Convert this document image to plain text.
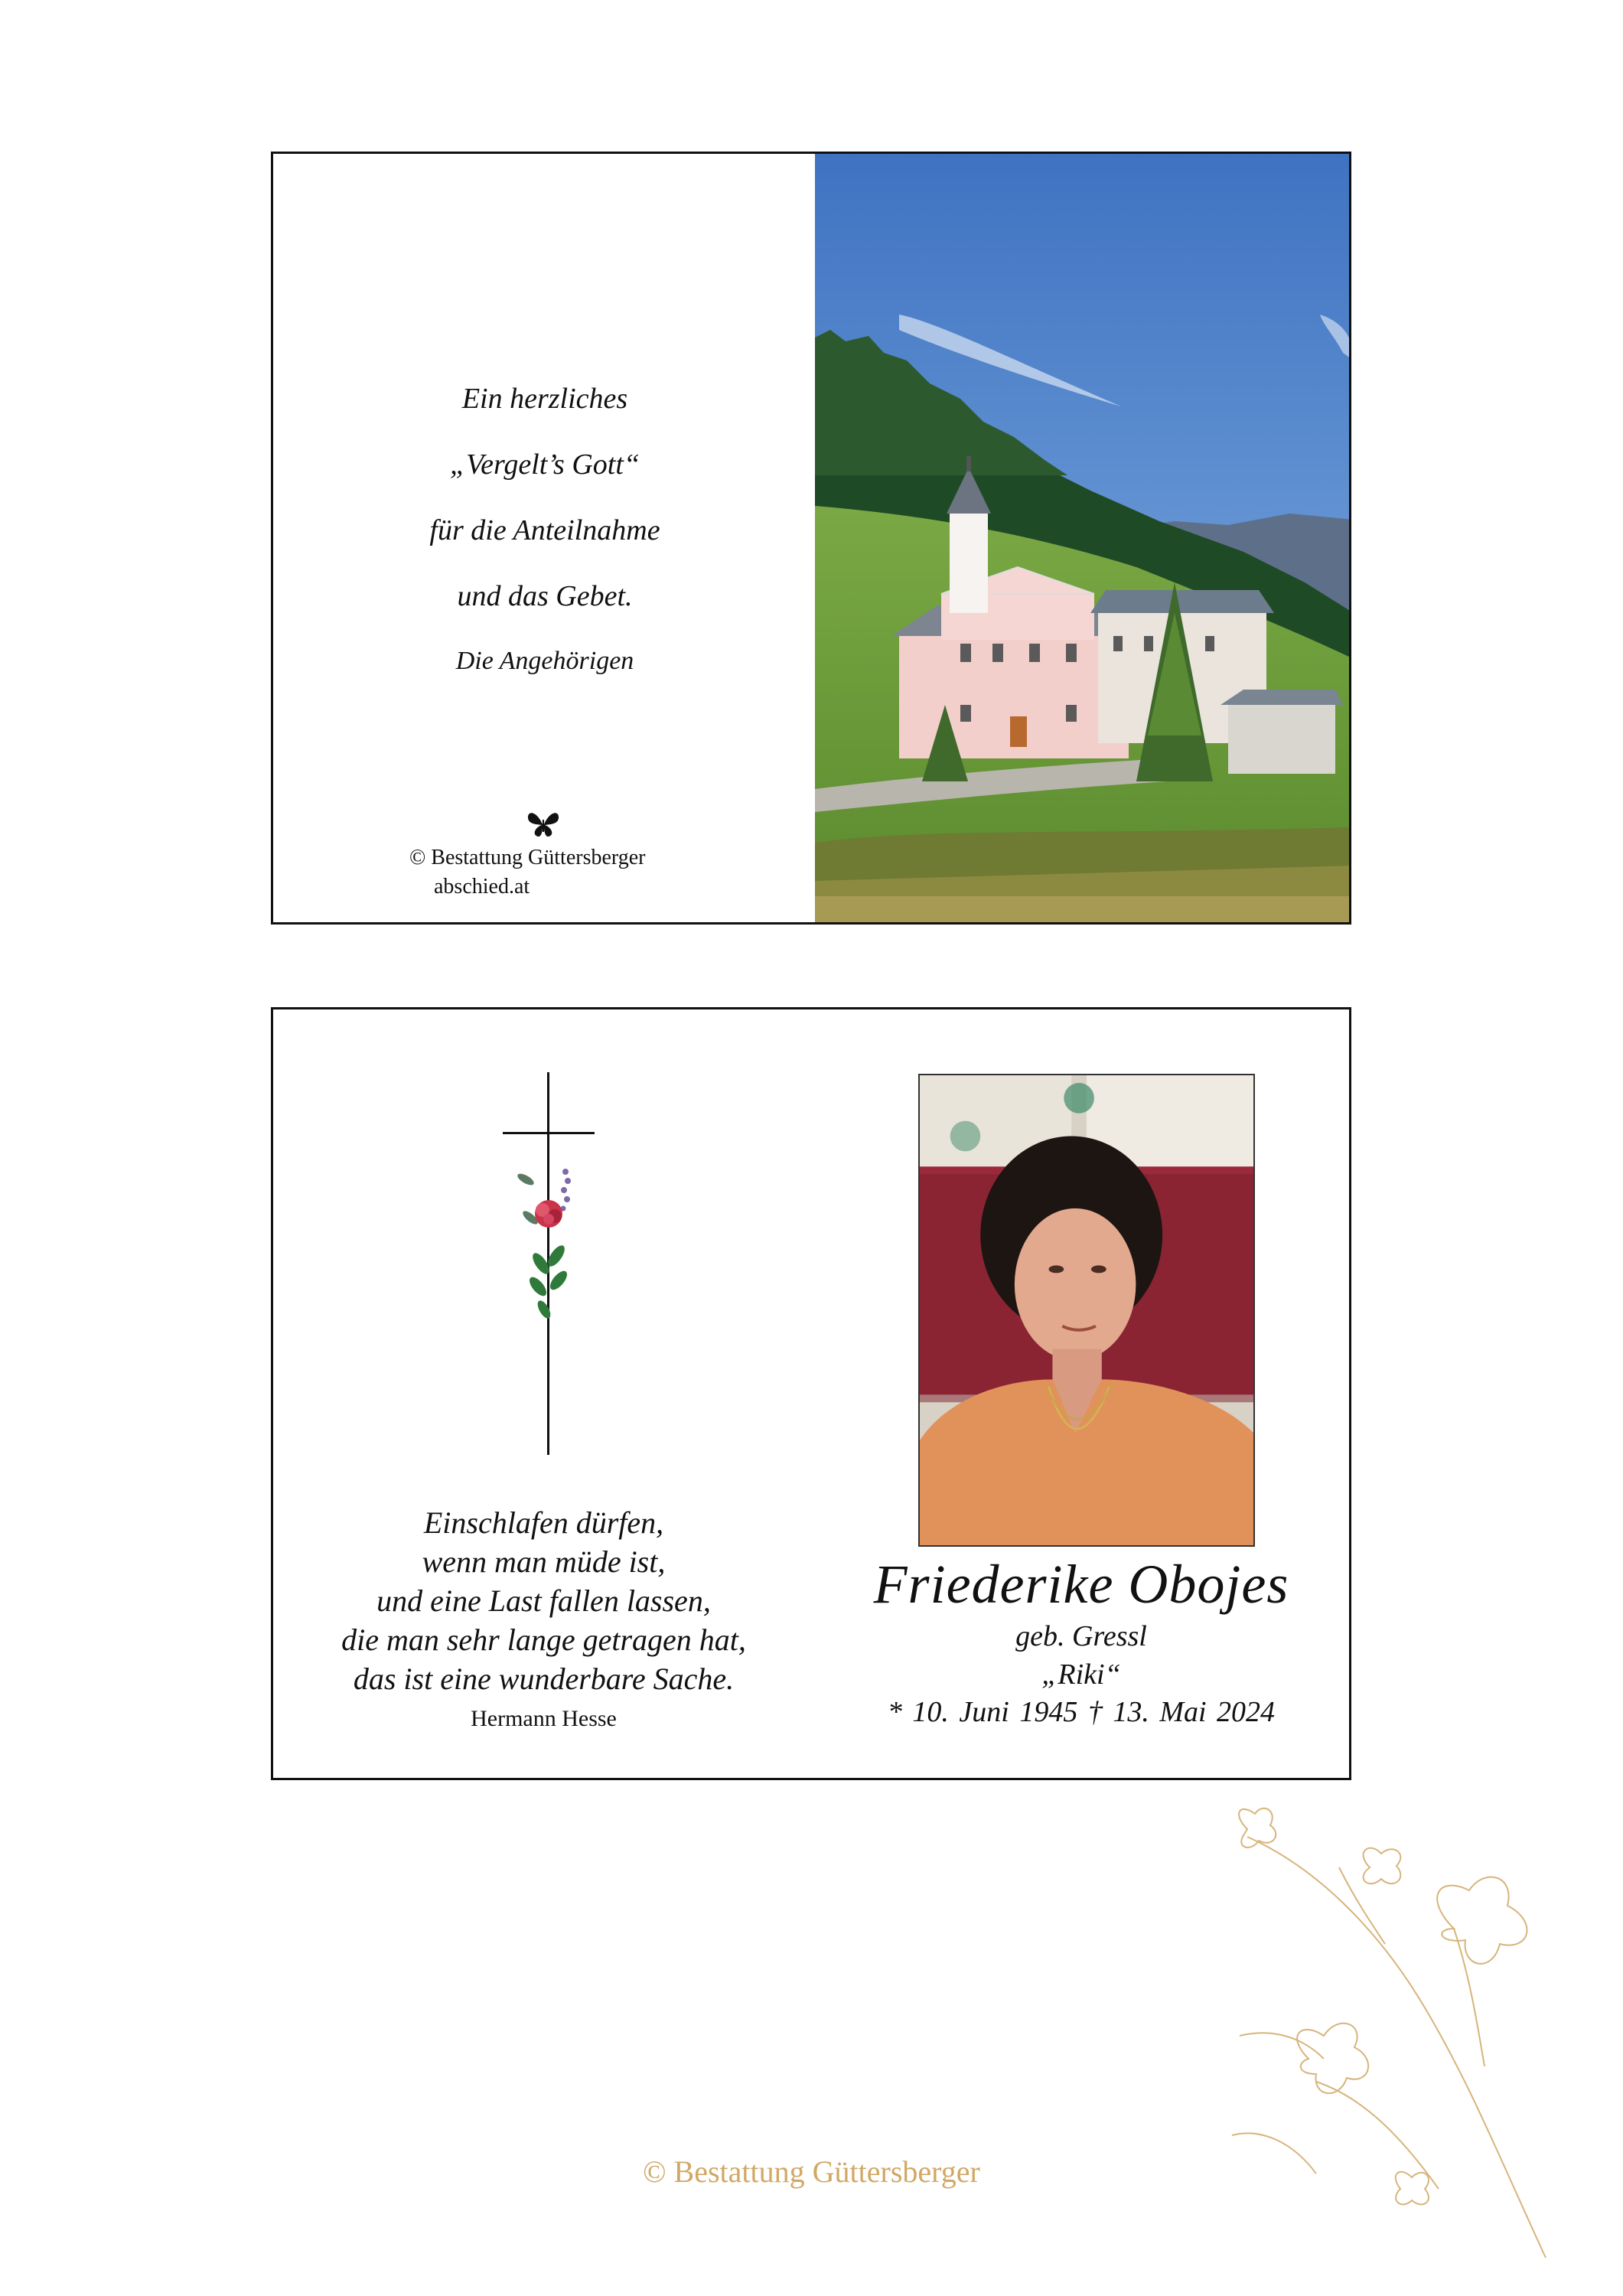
Ein herzliches
„Vergelt’s Gott“
für die Anteilnahme
und das Gebet.
Die Angehörigen
© Bestattung Güttersberger
abschied.at
Einschlafen dürfen,
wenn man müde ist,
und eine Last fallen lassen,
die man sehr lange getragen hat,
das ist eine wunderbare Sache.
Hermann Hesse
Friederike Obojes
geb. Gressl
„Riki“
* 10. Juni 1945 † 13. Mai 2024
© Bestattung Güttersberger
